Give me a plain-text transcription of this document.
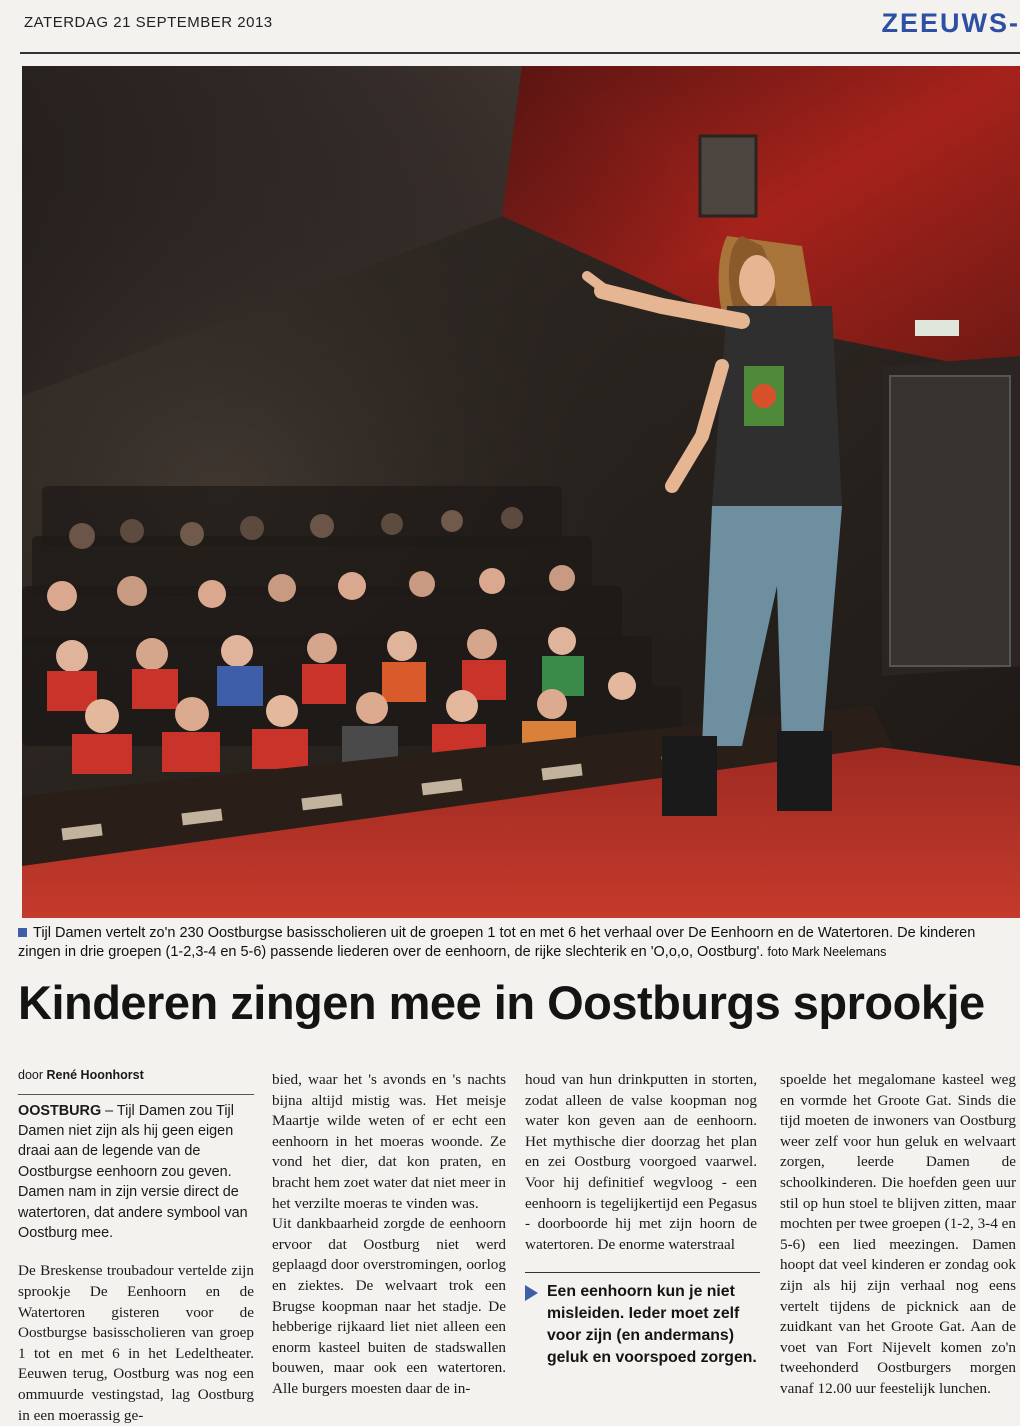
ZATERDAG 21 SEPTEMBER 2013	ZEEUWS-
Tijl Damen vertelt zo'n 230 Oostburgse basisscholieren uit de groepen 1 tot en met 6 het verhaal over De Eenhoorn en de Watertoren. De kinderen zingen in drie groepen (1-2,3-4 en 5-6) passende liederen over de eenhoorn, de rijke slechterik en 'O,o,o, Oostburg'. foto Mark Neelemans
Kinderen zingen mee in Oostburgs sprookje
door René Hoonhorst

OOSTBURG – Tijl Damen zou Tijl Damen niet zijn als hij geen eigen draai aan de legende van de Oostburgse eenhoorn zou geven. Damen nam in zijn versie direct de watertoren, dat andere symbool van Oostburg mee.

De Breskense troubadour vertelde zijn sprookje De Eenhoorn en de Watertoren gisteren voor de Oostburgse basisscholieren van groep 1 tot en met 6 in het Ledeltheater. Eeuwen terug, Oostburg was nog een ommuurde vestingstad, lag Oostburg in een moerassig ge-

bied, waar het 's avonds en 's nachts bijna altijd mistig was. Het meisje Maartje wilde weten of er echt een eenhoorn in het moeras woonde. Ze vond het dier, dat kon praten, en bracht hem zoet water dat niet meer in het verzilte moeras te vinden was.

Uit dankbaarheid zorgde de eenhoorn ervoor dat Oostburg niet werd geplaagd door overstromingen, oorlog en ziektes. De welvaart trok een Brugse koopman naar het stadje. De hebberige rijkaard liet niet alleen een enorm kasteel buiten de stadswallen bouwen, maar ook een watertoren. Alle burgers moesten daar de in-

houd van hun drinkputten in storten, zodat alleen de valse koopman nog water kon geven aan de eenhoorn. Het mythische dier doorzag het plan en zei Oostburg voorgoed vaarwel. Voor hij definitief wegvloog - een eenhoorn is tegelijkertijd een Pegasus - doorboorde hij met zijn hoorn de watertoren. De enorme waterstraal

Een eenhoorn kun je niet misleiden. Ieder moet zelf voor zijn (en andermans) geluk en voorspoed zorgen.

spoelde het megalomane kasteel weg en vormde het Groote Gat. Sinds die tijd moeten de inwoners van Oostburg weer zelf voor hun geluk en welvaart zorgen, leerde Damen de schoolkinderen. Die hoefden geen uur stil op hun stoel te blijven zitten, maar mochten per twee groepen (1-2, 3-4 en 5-6) een lied meezingen. Damen hoopt dat veel kinderen er zondag ook zijn als hij zijn verhaal nog eens vertelt tijdens de picknick aan de zuidkant van het Groote Gat. Aan de voet van Fort Nijevelt komen zo'n tweehonderd Oostburgers morgen vanaf 12.00 uur feestelijk lunchen.
